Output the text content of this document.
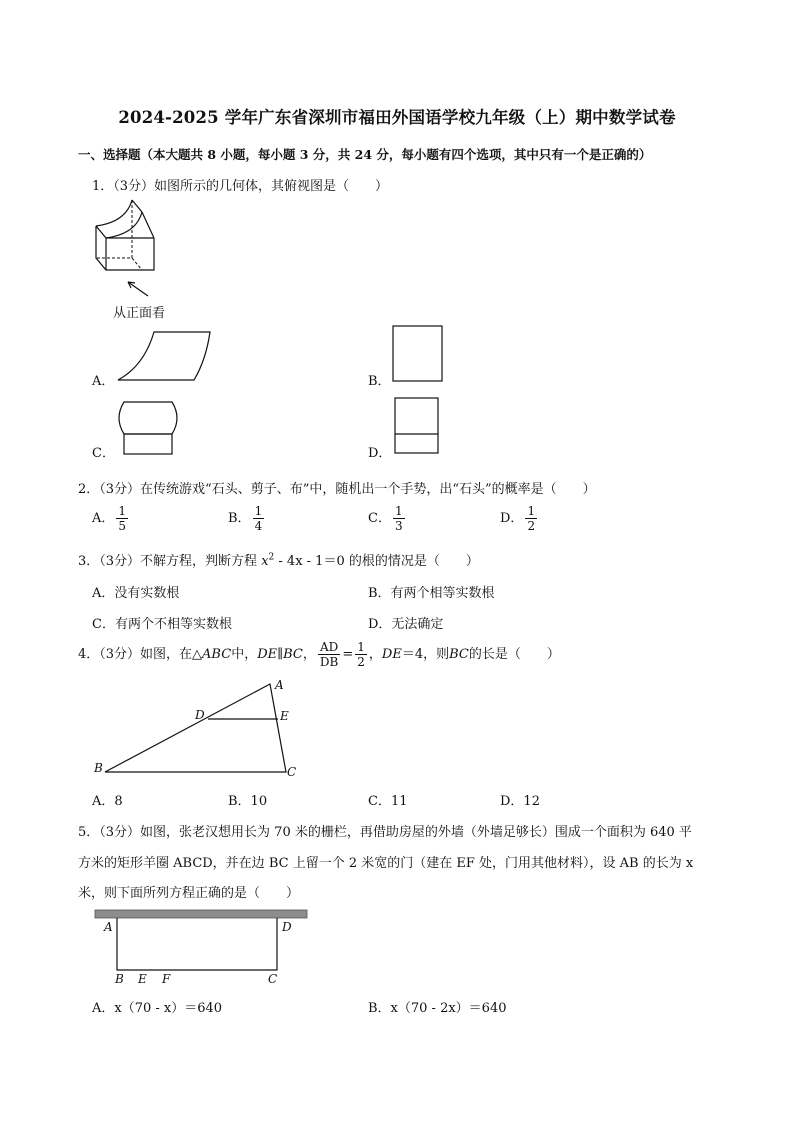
2024-2025 学年广东省深圳市福田外国语学校九年级（上）期中数学试卷
一、选择题（本大题共 8 小题，每小题 3 分，共 24 分，每小题有四个选项，其中只有一个是正确的）
1．（3分）如图所示的几何体，其俯视图是（　　）
从正面看
A．	B．
C．	D．
2．（3分）在传统游戏“石头、剪子、布”中，随机出一个手势，出“石头”的概率是（　　）
A． $\frac{1}{5}$	B． $\frac{1}{4}$	C． $\frac{1}{3}$	D． $\frac{1}{2}$
3．（3分）不解方程，判断方程 $x^2 - 4x - 1=0$ 的根的情况是（　　）
A．没有实数根	B．有两个相等实数根
C．有两个不相等实数根	D．无法确定
4．（3分）如图，在△ABC中，DE∥BC， $\frac{AD}{DB} = \frac{1}{2}$ ，DE＝4，则BC的长是（　　）
A
D	E
B	C
A．8	B．10	C．11	D．12
5．（3分）如图，张老汉想用长为 70 米的栅栏，再借助房屋的外墙（外墙足够长）围成一个面积为 640 平
方米的矩形羊圈 ABCD，并在边 BC 上留一个 2 米宽的门（建在 EF 处，门用其他材料），设 AB 的长为 x
米，则下面所列方程正确的是（　　）
A	D
B E F	C
A．x（70 - x）＝640	B．x（70 - 2x）＝640
